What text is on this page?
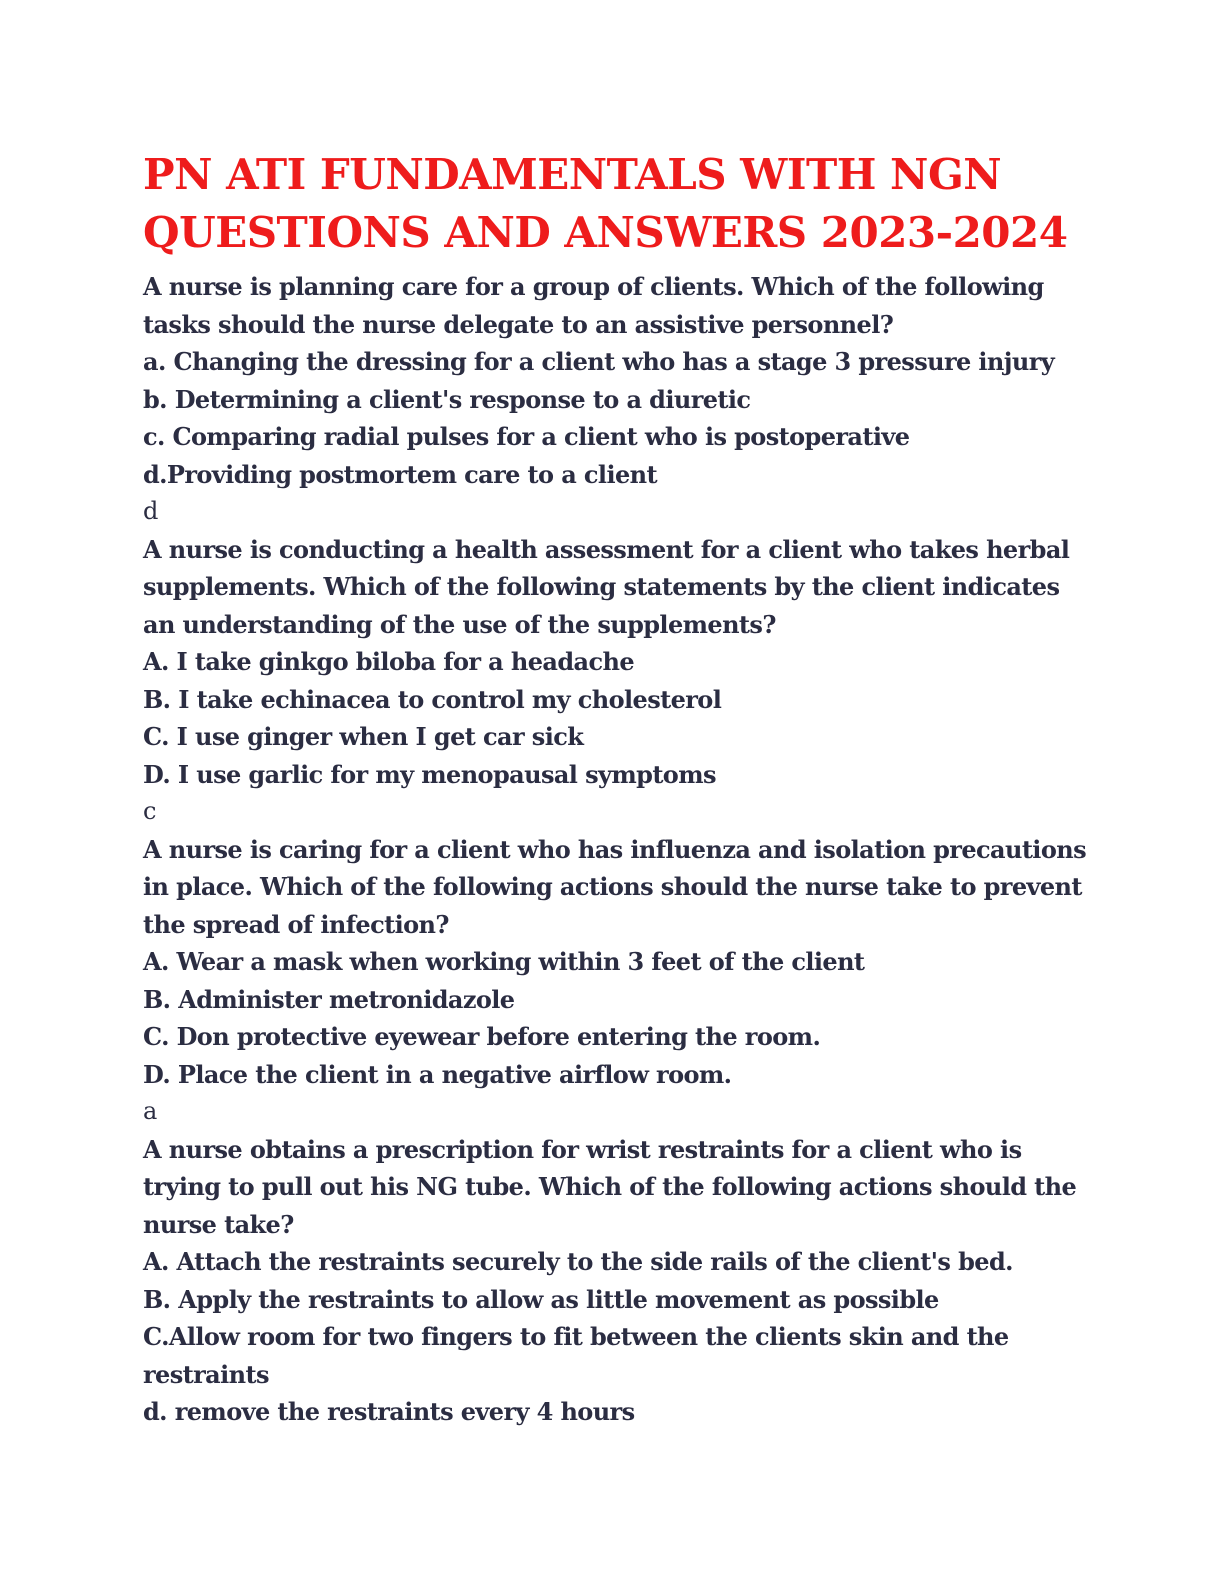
PN ATI FUNDAMENTALS WITH NGN
QUESTIONS AND ANSWERS 2023-2024
A nurse is planning care for a group of clients. Which of the following
tasks should the nurse delegate to an assistive personnel?
a. Changing the dressing for a client who has a stage 3 pressure injury
b. Determining a client's response to a diuretic
c. Comparing radial pulses for a client who is postoperative
d.Providing postmortem care to a client
d
A nurse is conducting a health assessment for a client who takes herbal
supplements. Which of the following statements by the client indicates
an understanding of the use of the supplements?
A. I take ginkgo biloba for a headache
B. I take echinacea to control my cholesterol
C. I use ginger when I get car sick
D. I use garlic for my menopausal symptoms
c
A nurse is caring for a client who has influenza and isolation precautions
in place. Which of the following actions should the nurse take to prevent
the spread of infection?
A. Wear a mask when working within 3 feet of the client
B. Administer metronidazole
C. Don protective eyewear before entering the room.
D. Place the client in a negative airflow room.
a
A nurse obtains a prescription for wrist restraints for a client who is
trying to pull out his NG tube. Which of the following actions should the
nurse take?
A. Attach the restraints securely to the side rails of the client's bed.
B. Apply the restraints to allow as little movement as possible
C.Allow room for two fingers to fit between the clients skin and the
restraints
d. remove the restraints every 4 hours
